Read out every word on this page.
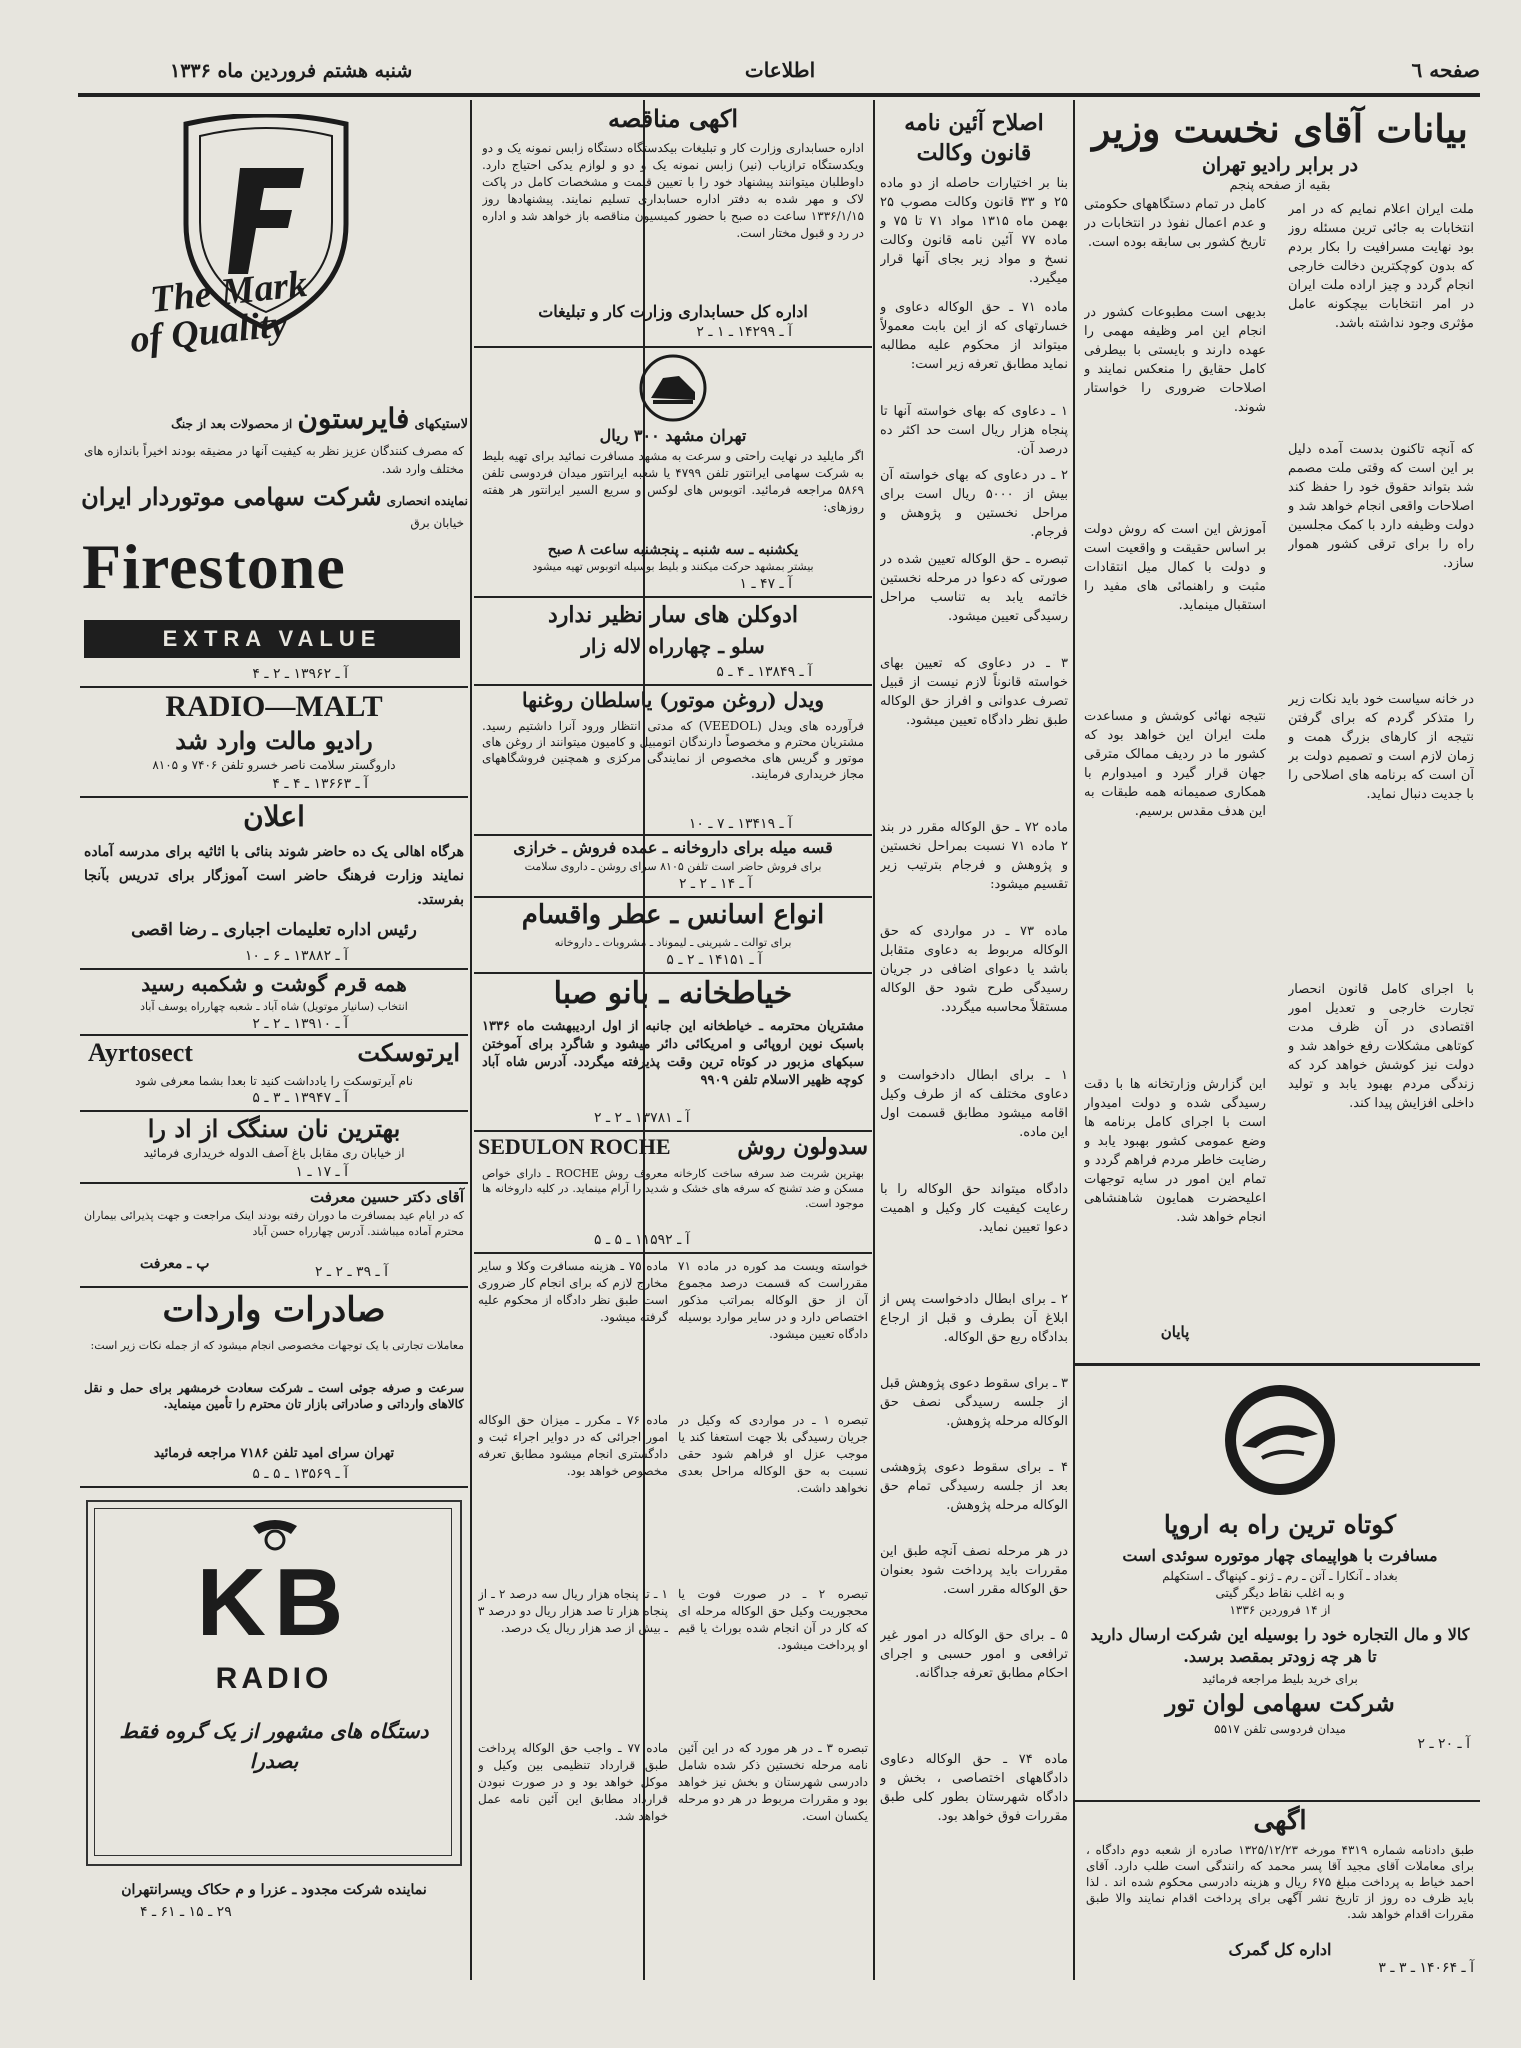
صفحه ٦
اطلاعات
شنبه هشتم فروردین ماه ۱۳۳۶
بیانات آقای نخست وزیر
در برابر رادیو تهران
بقیه از صفحه پنجم
ملت ایران اعلام نمایم که در امر انتخابات به جائی ترین مسئله روز بود نهایت مسرافیت را بکار بردم که بدون کوچکترین دخالت خارجی انجام گردد و چیز اراده ملت ایران در امر انتخابات بیچکونه عامل مؤثری وجود نداشته باشد.
که آنچه تاکنون بدست آمده دلیل بر این است که وقتی ملت مصمم شد بتواند حقوق خود را حفظ کند اصلاحات واقعی انجام خواهد شد و دولت وظیفه دارد با کمک مجلسین راه را برای ترقی کشور هموار سازد.
در خانه سیاست خود باید نکات زیر را متذکر گردم که برای گرفتن نتیجه از کارهای بزرگ همت و زمان لازم است و تصمیم دولت بر آن است که برنامه های اصلاحی را با جدیت دنبال نماید.
با اجرای کامل قانون انحصار تجارت خارجی و تعدیل امور اقتصادی در آن ظرف مدت کوتاهی مشکلات رفع خواهد شد و دولت نیز کوشش خواهد کرد که زندگی مردم بهبود یابد و تولید داخلی افزایش پیدا کند.
کامل در تمام دستگاههای حکومتی و عدم اعمال نفوذ در انتخابات در تاریخ کشور بی سابقه بوده است.
بدیهی است مطبوعات کشور در انجام این امر وظیفه مهمی را عهده دارند و بایستی با بیطرفی کامل حقایق را منعکس نمایند و اصلاحات ضروری را خواستار شوند.
آموزش این است که روش دولت بر اساس حقیقت و واقعیت است و دولت با کمال میل انتقادات مثبت و راهنمائی های مفید را استقبال مینماید.
نتیجه نهائی کوشش و مساعدت ملت ایران این خواهد بود که کشور ما در ردیف ممالک مترقی جهان قرار گیرد و امیدوارم با همکاری صمیمانه همه طبقات به این هدف مقدس برسیم.
این گزارش وزارتخانه ها با دقت رسیدگی شده و دولت امیدوار است با اجرای کامل برنامه ها وضع عمومی کشور بهبود یابد و رضایت خاطر مردم فراهم گردد و تمام این امور در سایه توجهات اعلیحضرت همایون شاهنشاهی انجام خواهد شد.
پایان
کوتاه ترین راه به اروپا
مسافرت با هواپیمای چهار موتوره سوئدی است
بغداد ـ آنکارا ـ آتن ـ رم ـ ژنو ـ کپنهاگ ـ استکهلم
و به اغلب نقاط دیگر گیتی
از ۱۴ فروردین ۱۳۳۶
کالا و مال التجاره خود را بوسیله این شرکت ارسال دارید تا هر چه زودتر بمقصد برسد.
برای خرید بلیط مراجعه فرمائید
شرکت سهامی لوان تور
میدان فردوسی تلفن ۵۵۱۷
آ ـ ۲۰ ـ ۲
اگهی
طبق دادنامه شماره ۴۳۱۹ مورخه ۱۳۲۵/۱۲/۲۳ صادره از شعبه دوم دادگاه ، برای معاملات آقای مجید آقا پسر محمد که رانندگی است طلب دارد. آقای احمد خیاط به پرداخت مبلغ ۶۷۵ ریال و هزینه دادرسی محکوم شده اند . لذا باید ظرف ده روز از تاریخ نشر آگهی برای پرداخت اقدام نمایند والا طبق مقررات اقدام خواهد شد.
اداره کل گمرک
آ ـ ۱۴۰۶۴ ـ ۳ ـ ۳
اصلاح آئین نامه قانون وکالت
بنا بر اختیارات حاصله از دو ماده ۲۵ و ۳۳ قانون وکالت مصوب ۲۵ بهمن ماه ۱۳۱۵ مواد ۷۱ تا ۷۵ و ماده ۷۷ آئین نامه قانون وکالت نسخ و مواد زیر بجای آنها قرار میگیرد.
ماده ۷۱ ـ حق الوکاله دعاوی و خسارتهای که از این بابت معمولاً میتواند از محکوم علیه مطالبه نماید مطابق تعرفه زیر است:
۱ ـ دعاوی که بهای خواسته آنها تا پنجاه هزار ریال است حد اکثر ده درصد آن.
۲ ـ در دعاوی که بهای خواسته آن بیش از ۵۰۰۰ ریال است برای مراحل نخستین و پژوهش و فرجام.
تبصره ـ حق الوکاله تعیین شده در صورتی که دعوا در مرحله نخستین خاتمه یابد به تناسب مراحل رسیدگی تعیین میشود.
۳ ـ در دعاوی که تعیین بهای خواسته قانوناً لازم نیست از قبیل تصرف عدوانی و افراز حق الوکاله طبق نظر دادگاه تعیین میشود.
ماده ۷۲ ـ حق الوکاله مقرر در بند ۲ ماده ۷۱ نسبت بمراحل نخستین و پژوهش و فرجام بترتیب زیر تقسیم میشود:
ماده ۷۳ ـ در مواردی که حق الوکاله مربوط به دعاوی متقابل باشد یا دعوای اضافی در جریان رسیدگی طرح شود حق الوکاله مستقلاً محاسبه میگردد.
۱ ـ برای ابطال دادخواست و دعاوی مختلف که از طرف وکیل اقامه میشود مطابق قسمت اول این ماده.
دادگاه میتواند حق الوکاله را با رعایت کیفیت کار وکیل و اهمیت دعوا تعیین نماید.
۲ ـ برای ابطال دادخواست پس از ابلاغ آن بطرف و قبل از ارجاع بدادگاه ربع حق الوکاله.
۳ ـ برای سقوط دعوی پژوهش قبل از جلسه رسیدگی نصف حق الوکاله مرحله پژوهش.
۴ ـ برای سقوط دعوی پژوهشی بعد از جلسه رسیدگی تمام حق الوکاله مرحله پژوهش.
در هر مرحله نصف آنچه طبق این مقررات باید پرداخت شود بعنوان حق الوکاله مقرر است.
۵ ـ برای حق الوکاله در امور غیر ترافعی و امور حسبی و اجرای احکام مطابق تعرفه جداگانه.
ماده ۷۴ ـ حق الوکاله دعاوی دادگاههای اختصاصی ، بخش و دادگاه شهرستان بطور کلی طبق مقررات فوق خواهد بود.
اکهی مناقصه
اداره حسابداری وزارت کار و تبلیغات بیکدستگاه دستگاه زابس نمونه یک و دو ویکدستگاه ترازیاب (نیر) زابس نمونه یک و دو و لوازم یدکی احتیاج دارد. داوطلبان میتوانند پیشنهاد خود را با تعیین قیمت و مشخصات کامل در پاکت لاک و مهر شده به دفتر اداره حسابداری تسلیم نمایند. پیشنهادها روز ۱۳۳۶/۱/۱۵ ساعت ده صبح با حضور کمیسیون مناقصه باز خواهد شد و اداره در رد و قبول مختار است.
اداره کل حسابداری وزارت کار و تبلیغات
آ ـ ۱۴۲۹۹ ـ ۱ ـ ۲
تهران مشهد ۳۰۰ ریال
اگر مایلید در نهایت راحتی و سرعت به مشهد مسافرت نمائید برای تهیه بلیط به شرکت سهامی ایرانتور تلفن ۴۷۹۹ یا شعبه ایرانتور میدان فردوسی تلفن ۵۸۶۹ مراجعه فرمائید. اتوبوس های لوکس و سریع السیر ایرانتور هر هفته روزهای:
یکشنبه ـ سه شنبه ـ پنجشنبه ساعت ۸ صبح
بیشتر بمشهد حرکت میکنند و بلیط بوسیله اتوبوس تهیه میشود
آ ـ ۴۷ ـ ۱
ادوکلن های سار نظیر ندارد
سلو ـ چهارراه لاله زار
آ ـ ۱۳۸۴۹ ـ ۴ ـ ۵
ویدل (روغن موتور) یاسلطان روغنها
فرآورده های ویدل (VEEDOL) که مدتی انتظار ورود آنرا داشتیم رسید. مشتریان محترم و مخصوصاً دارندگان اتومبیل و کامیون میتوانند از روغن های موتور و گریس های مخصوص از نمایندگی مرکزی و همچنین فروشگاههای مجاز خریداری فرمایند.
آ ـ ۱۳۴۱۹ ـ ۷ ـ ۱۰
قسه میله برای داروخانه ـ عمده فروش ـ خرازی
برای فروش حاضر است تلفن ۸۱۰۵ سرای روشن ـ داروی سلامت
آ ـ ۱۴ ـ ۲ ـ ۲
انواع اسانس ـ عطر واقسام
برای توالت ـ شیرینی ـ لیموناد ـ مشروبات ـ داروخانه
آ ـ ۱۴۱۵۱ ـ ۲ ـ ۵
خیاطخانه ـ بانو صبا
مشتریان محترمه ـ خیاطخانه این جانبه از اول اردیبهشت ماه ۱۳۳۶ باسبک نوین اروپائی و امریکائی دائر میشود و شاگرد برای آموختن سبکهای مزبور در کوتاه ترین وقت پذیرفته میگردد. آدرس شاه آباد کوچه ظهیر الاسلام تلفن ۹۹۰۹
آ ـ ۱۳۷۸۱ ـ ۲ ـ ۲
SEDULON ROCHE	سدولون روش
بهترین شربت ضد سرفه ساخت کارخانه معروف روش ROCHE ـ دارای خواص مسکن و ضد تشنج که سرفه های خشک و شدید را آرام مینماید. در کلیه داروخانه ها موجود است.
آ ـ ۱۱۵۹۲ ـ ۵ ـ ۵
خواسته ویست مد کوره در ماده ۷۱ مقرراست که قسمت درصد مجموع آن از حق الوکاله بمراتب مذکور اختصاص دارد و در سایر موارد بوسیله دادگاه تعیین میشود.
تبصره ۱ ـ در مواردی که وکیل در جریان رسیدگی بلا جهت استعفا کند یا موجب عزل او فراهم شود حقی نسبت به حق الوکاله مراحل بعدی نخواهد داشت.
تبصره ۲ ـ در صورت فوت یا محجوریت وکیل حق الوکاله مرحله ای که کار در آن انجام شده بوراث یا قیم او پرداخت میشود.
تبصره ۳ ـ در هر مورد که در این آئین نامه مرحله نخستین ذکر شده شامل دادرسی شهرستان و بخش نیز خواهد بود و مقررات مربوط در هر دو مرحله یکسان است.
ماده ۷۵ ـ هزینه مسافرت وکلا و سایر مخارج لازم که برای انجام کار ضروری است طبق نظر دادگاه از محکوم علیه گرفته میشود.
ماده ۷۶ ـ مکرر ـ میزان حق الوکاله امور اجرائی که در دوایر اجراء ثبت و دادگستری انجام میشود مطابق تعرفه مخصوص خواهد بود.
۱ ـ تا پنجاه هزار ریال سه درصد ۲ ـ از پنجاه هزار تا صد هزار ریال دو درصد ۳ ـ بیش از صد هزار ریال یک درصد.
ماده ۷۷ ـ واجب حق الوکاله پرداخت طبق قرارداد تنظیمی بین وکیل و موکل خواهد بود و در صورت نبودن قرارداد مطابق این آئین نامه عمل خواهد شد.
The Mark
of Quality
لاستیکهای فایرستون از محصولات بعد از جنگ
که مصرف کنندگان عزیز نظر به کیفیت آنها در مضیقه بودند اخیراً باندازه های مختلف وارد شد.
نماینده انحصاری شرکت سهامی موتوردار ایران
خیابان برق
Firestone
EXTRA VALUE
آ ـ ۱۳۹۶۲ ـ ۲ ـ ۴
RADIO—MALT
رادیو مالت وارد شد
داروگستر سلامت ناصر خسرو تلفن ۷۴۰۶ و ۸۱۰۵
آ ـ ۱۳۶۶۳ ـ ۴ ـ ۴
اعلان
هرگاه اهالی یک ده حاضر شوند بنائی با اثاثیه برای مدرسه آماده نمایند وزارت فرهنگ حاضر است آموزگار برای تدریس بآنجا بفرستد.
رئیس اداره تعلیمات اجباری ـ رضا اقصی
آ ـ ۱۳۸۸۲ ـ ۶ ـ ۱۰
همه قرم گوشت و شکمبه رسید
انتخاب (سانیار موتویل) شاه آباد ـ شعبه چهارراه یوسف آباد
آ ـ ۱۳۹۱۰ ـ ۲ ـ ۲
Ayrtosect	ایرتوسکت
نام آیرتوسکت را یادداشت کنید تا بعدا بشما معرفی شود
آ ـ ۱۳۹۴۷ ـ ۳ ـ ۵
بهترین نان سنگک از اد را
از خیابان ری مقابل باغ آصف الدوله خریداری فرمائید
آ ـ ۱۷ ـ ۱
آقای دکتر حسین معرفت
که در ایام عید بمسافرت ما دوران رفته بودند اینک مراجعت و جهت پذیرائی بیماران محترم آماده میباشند. آدرس چهارراه حسن آباد
پ ـ معرفت	آ ـ ۳۹ ـ ۲ ـ ۲
صادرات واردات
معاملات تجارتی با یک توجهات مخصوصی انجام میشود که از جمله نکات زیر است:
سرعت و صرفه جوئی است ـ شرکت سعادت خرمشهر برای حمل و نقل کالاهای وارداتی و صادراتی بازار تان محترم را تأمین مینماید.
تهران سرای امید تلفن ۷۱۸۶ مراجعه فرمائید
آ ـ ۱۳۵۶۹ ـ ۵ ـ ۵
KB
RADIO
دستگاه های مشهور از یک گروه فقط بصدرا
نماینده شرکت مجدود ـ عزرا و م حکاک ویسرانتهران
۲۹ ـ ۱۵ ـ ۶۱ ـ ۴
